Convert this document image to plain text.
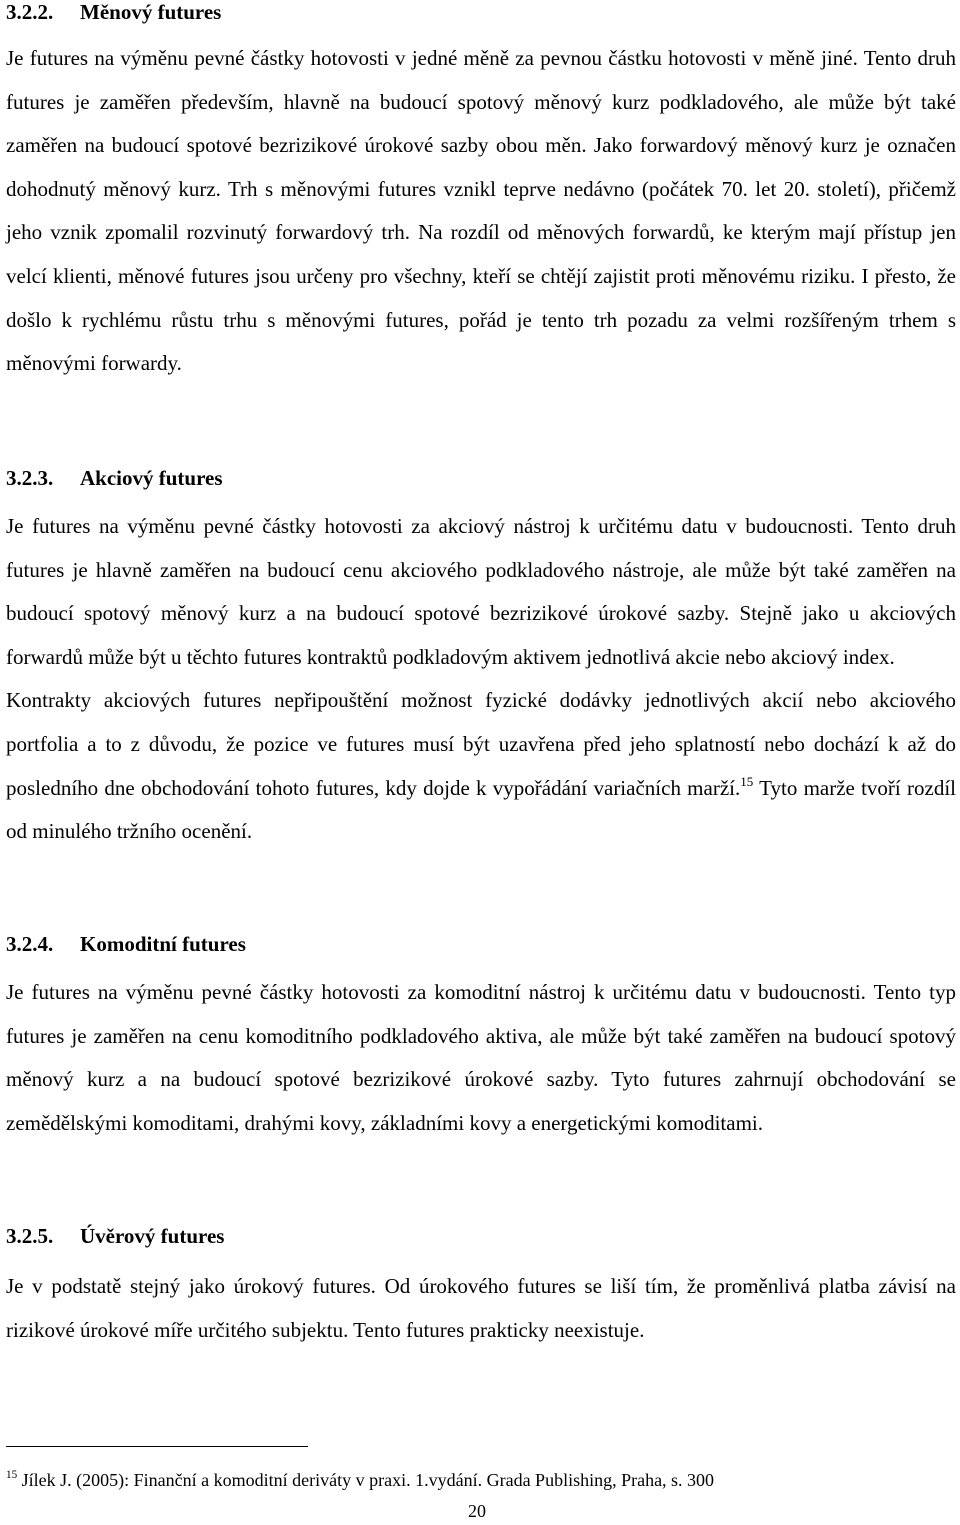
3.2.2. Měnový futures

Je futures na výměnu pevné částky hotovosti v jedné měně za pevnou částku hotovosti v měně jiné. Tento druh futures je zaměřen především, hlavně na budoucí spotový měnový kurz podkladového, ale může být také zaměřen na budoucí spotové bezrizikové úrokové sazby obou měn. Jako forwardový měnový kurz je označen dohodnutý měnový kurz. Trh s měnovými futures vznikl teprve nedávno (počátek 70. let 20. století), přičemž jeho vznik zpomalil rozvinutý forwardový trh. Na rozdíl od měnových forwardů, ke kterým mají přístup jen velcí klienti, měnové futures jsou určeny pro všechny, kteří se chtějí zajistit proti měnovému riziku. I přesto, že došlo k rychlému růstu trhu s měnovými futures, pořád je tento trh pozadu za velmi rozšířeným trhem s měnovými forwardy.

3.2.3. Akciový futures

Je futures na výměnu pevné částky hotovosti za akciový nástroj k určitému datu v budoucnosti. Tento druh futures je hlavně zaměřen na budoucí cenu akciového podkladového nástroje, ale může být také zaměřen na budoucí spotový měnový kurz a na budoucí spotové bezrizikové úrokové sazby. Stejně jako u akciových forwardů může být u těchto futures kontraktů podkladovým aktivem jednotlivá akcie nebo akciový index.

Kontrakty akciových futures nepřipouštění možnost fyzické dodávky jednotlivých akcií nebo akciového portfolia a to z důvodu, že pozice ve futures musí být uzavřena před jeho splatností nebo dochází k až do posledního dne obchodování tohoto futures, kdy dojde k vypořádání variačních marží.$^{15}$ Tyto marže tvoří rozdíl od minulého tržního ocenění.

3.2.4. Komoditní futures

Je futures na výměnu pevné částky hotovosti za komoditní nástroj k určitému datu v budoucnosti. Tento typ futures je zaměřen na cenu komoditního podkladového aktiva, ale může být také zaměřen na budoucí spotový měnový kurz a na budoucí spotové bezrizikové úrokové sazby. Tyto futures zahrnují obchodování se zemědělskými komoditami, drahými kovy, základními kovy a energetickými komoditami.

3.2.5. Úvěrový futures

Je v podstatě stejný jako úrokový futures. Od úrokového futures se liší tím, že proměnlivá platba závisí na rizikové úrokové míře určitého subjektu. Tento futures prakticky neexistuje.

$^{15}$ Jílek J. (2005): Finanční a komoditní deriváty v praxi. 1.vydání. Grada Publishing, Praha, s. 300
20
